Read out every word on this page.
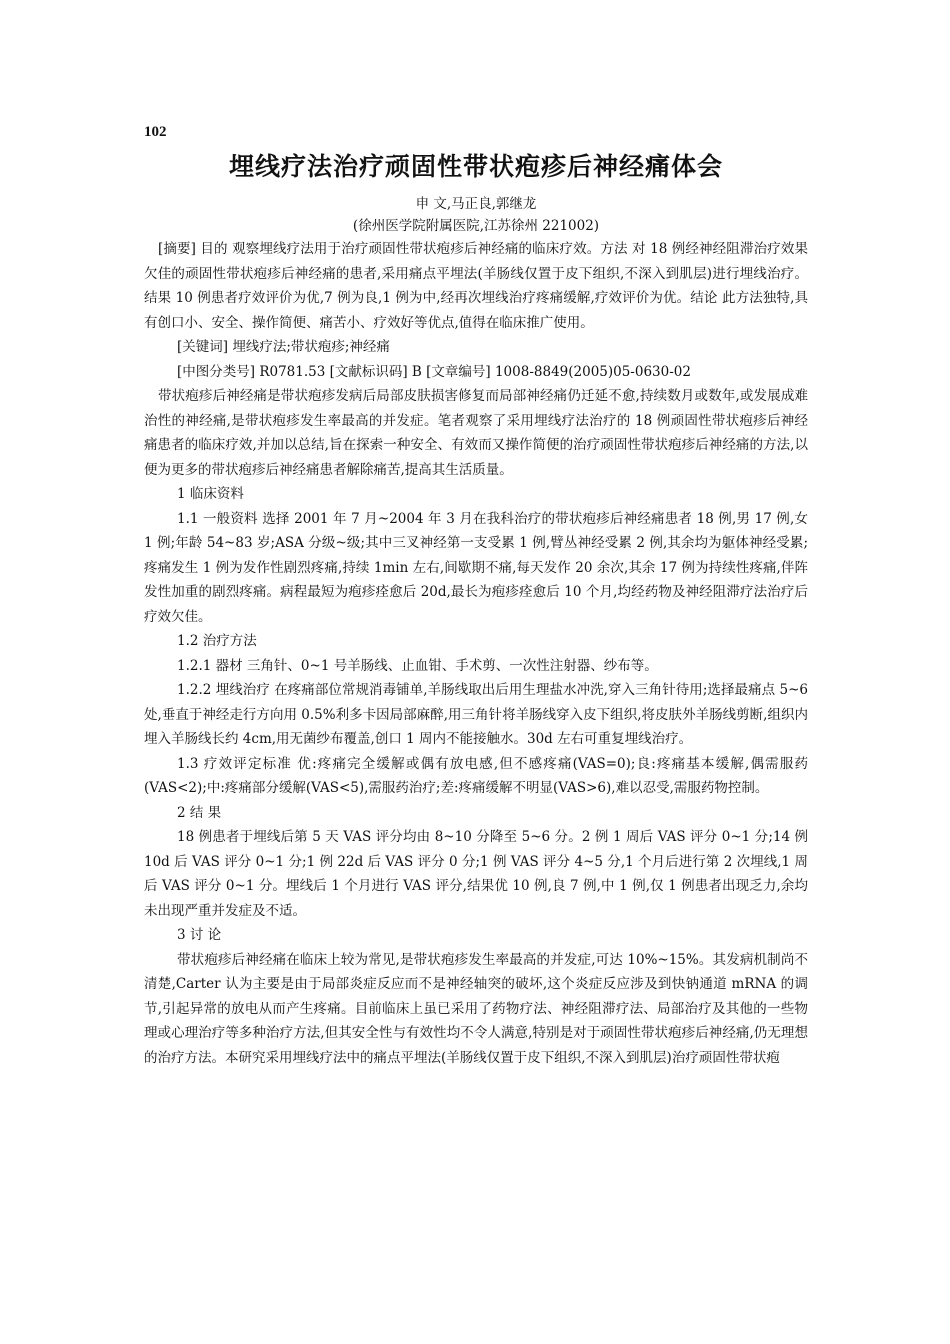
102
埋线疗法治疗顽固性带状疱疹后神经痛体会
申 文,马正良,郭继龙
(徐州医学院附属医院,江苏徐州 221002)

[摘要] 目的 观察埋线疗法用于治疗顽固性带状疱疹后神经痛的临床疗效。方法 对 18 例经神经阻滞治疗效果欠佳的顽固性带状疱疹后神经痛的患者,采用痛点平埋法(羊肠线仅置于皮下组织,不深入到肌层)进行埋线治疗。结果 10 例患者疗效评价为优,7 例为良,1 例为中,经再次埋线治疗疼痛缓解,疗效评价为优。结论 此方法独特,具有创口小、安全、操作简便、痛苦小、疗效好等优点,值得在临床推广使用。

[关键词] 埋线疗法;带状疱疹;神经痛

[中图分类号] R0781.53 [文献标识码] B [文章编号] 1008-8849(2005)05-0630-02

带状疱疹后神经痛是带状疱疹发病后局部皮肤损害修复而局部神经痛仍迁延不愈,持续数月或数年,或发展成难治性的神经痛,是带状疱疹发生率最高的并发症。笔者观察了采用埋线疗法治疗的 18 例顽固性带状疱疹后神经痛患者的临床疗效,并加以总结,旨在探索一种安全、有效而又操作简便的治疗顽固性带状疱疹后神经痛的方法,以便为更多的带状疱疹后神经痛患者解除痛苦,提高其生活质量。

1 临床资料

1.1 一般资料 选择 2001 年 7 月~2004 年 3 月在我科治疗的带状疱疹后神经痛患者 18 例,男 17 例,女 1 例;年龄 54~83 岁;ASA 分级~级;其中三叉神经第一支受累 1 例,臂丛神经受累 2 例,其余均为躯体神经受累;疼痛发生 1 例为发作性剧烈疼痛,持续 1min 左右,间歇期不痛,每天发作 20 余次,其余 17 例为持续性疼痛,伴阵发性加重的剧烈疼痛。病程最短为疱疹痊愈后 20d,最长为疱疹痊愈后 10 个月,均经药物及神经阻滞疗法治疗后疗效欠佳。

1.2 治疗方法

1.2.1 器材 三角针、0~1 号羊肠线、止血钳、手术剪、一次性注射器、纱布等。

1.2.2 埋线治疗 在疼痛部位常规消毒铺单,羊肠线取出后用生理盐水冲洗,穿入三角针待用;选择最痛点 5~6 处,垂直于神经走行方向用 0.5%利多卡因局部麻醉,用三角针将羊肠线穿入皮下组织,将皮肤外羊肠线剪断,组织内埋入羊肠线长约 4cm,用无菌纱布覆盖,创口 1 周内不能接触水。30d 左右可重复埋线治疗。

1.3 疗效评定标准 优:疼痛完全缓解或偶有放电感,但不感疼痛(VAS=0);良:疼痛基本缓解,偶需服药(VAS<2);中:疼痛部分缓解(VAS<5),需服药治疗;差:疼痛缓解不明显(VAS>6),难以忍受,需服药物控制。

2 结 果

18 例患者于埋线后第 5 天 VAS 评分均由 8~10 分降至 5~6 分。2 例 1 周后 VAS 评分 0~1 分;14 例 10d 后 VAS 评分 0~1 分;1 例 22d 后 VAS 评分 0 分;1 例 VAS 评分 4~5 分,1 个月后进行第 2 次埋线,1 周后 VAS 评分 0~1 分。埋线后 1 个月进行 VAS 评分,结果优 10 例,良 7 例,中 1 例,仅 1 例患者出现乏力,余均未出现严重并发症及不适。

3 讨 论

带状疱疹后神经痛在临床上较为常见,是带状疱疹发生率最高的并发症,可达 10%~15%。其发病机制尚不清楚,Carter 认为主要是由于局部炎症反应而不是神经轴突的破坏,这个炎症反应涉及到快钠通道 mRNA 的调节,引起异常的放电从而产生疼痛。目前临床上虽已采用了药物疗法、神经阻滞疗法、局部治疗及其他的一些物理或心理治疗等多种治疗方法,但其安全性与有效性均不令人满意,特别是对于顽固性带状疱疹后神经痛,仍无理想的治疗方法。本研究采用埋线疗法中的痛点平埋法(羊肠线仅置于皮下组织,不深入到肌层)治疗顽固性带状疱
